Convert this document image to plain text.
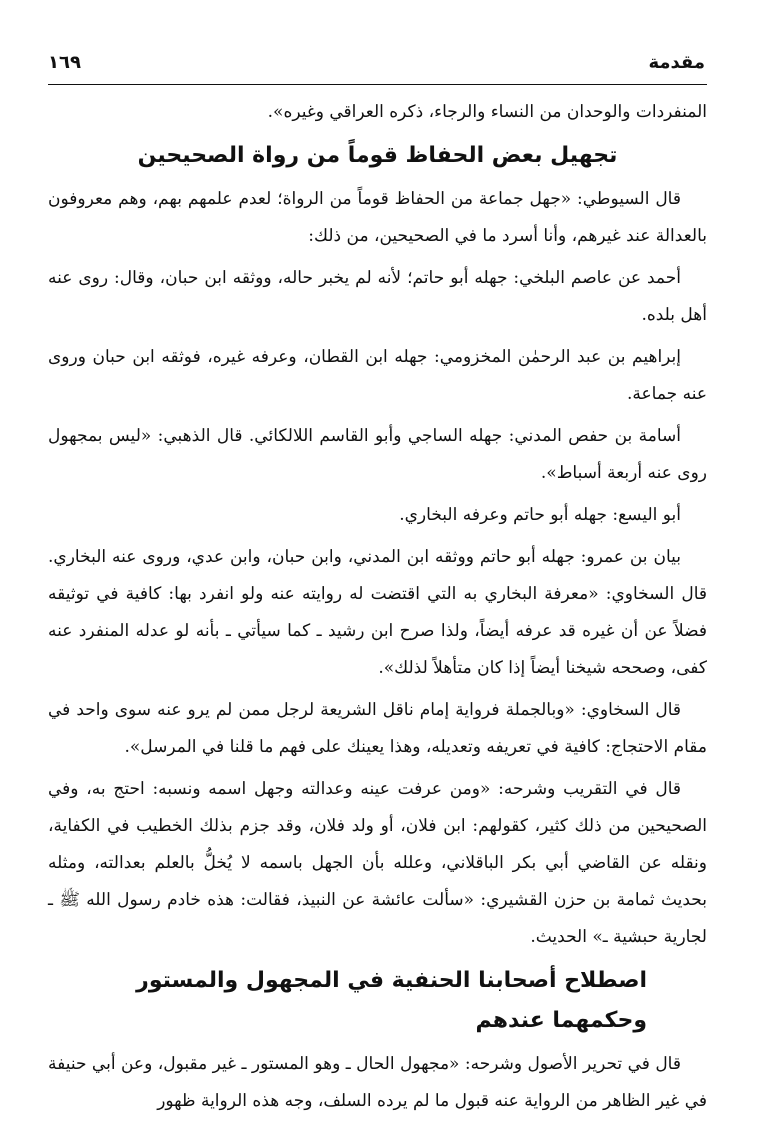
مقدمة
١٦٩

المنفردات والوحدان من النساء والرجاء، ذكره العراقي وغيره».

تجهيل بعض الحفاظ قوماً من رواة الصحيحين

قال السيوطي: «جهل جماعة من الحفاظ قوماً من الرواة؛ لعدم علمهم بهم، وهم معروفون بالعدالة عند غيرهم، وأنا أسرد ما في الصحيحين، من ذلك:

أحمد عن عاصم البلخي: جهله أبو حاتم؛ لأنه لم يخبر حاله، ووثقه ابن حبان، وقال: روى عنه أهل بلده.

إبراهيم بن عبد الرحمٰن المخزومي: جهله ابن القطان، وعرفه غيره، فوثقه ابن حبان وروى عنه جماعة.

أسامة بن حفص المدني: جهله الساجي وأبو القاسم اللالكائي. قال الذهبي: «ليس بمجهول روى عنه أربعة أسباط».

أبو اليسع: جهله أبو حاتم وعرفه البخاري.

بيان بن عمرو: جهله أبو حاتم ووثقه ابن المدني، وابن حبان، وابن عدي، وروى عنه البخاري. قال السخاوي: «معرفة البخاري به التي اقتضت له روايته عنه ولو انفرد بها: كافية في توثيقه فضلاً عن أن غيره قد عرفه أيضاً، ولذا صرح ابن رشيد ـ كما سيأتي ـ بأنه لو عدله المنفرد عنه كفى، وصححه شيخنا أيضاً إذا كان متأهلاً لذلك».

قال السخاوي: «وبالجملة فرواية إمام ناقل الشريعة لرجل ممن لم يرو عنه سوى واحد في مقام الاحتجاج: كافية في تعريفه وتعديله، وهذا يعينك على فهم ما قلنا في المرسل».

قال في التقريب وشرحه: «ومن عرفت عينه وعدالته وجهل اسمه ونسبه: احتج به، وفي الصحيحين من ذلك كثير، كقولهم: ابن فلان، أو ولد فلان، وقد جزم بذلك الخطيب في الكفاية، ونقله عن القاضي أبي بكر الباقلاني، وعلله بأن الجهل باسمه لا يُخلُّ بالعلم بعدالته، ومثله بحديث ثمامة بن حزن القشيري: «سألت عائشة عن النبيذ، فقالت: هذه خادم رسول الله ﷺ ـ لجارية حبشية ـ» الحديث.

اصطلاح أصحابنا الحنفية في المجهول والمستور وحكمهما عندهم

قال في تحرير الأصول وشرحه: «مجهول الحال ـ وهو المستور ـ غير مقبول، وعن أبي حنيفة في غير الظاهر من الرواية عنه قبول ما لم يرده السلف، وجه هذه الرواية ظهور
